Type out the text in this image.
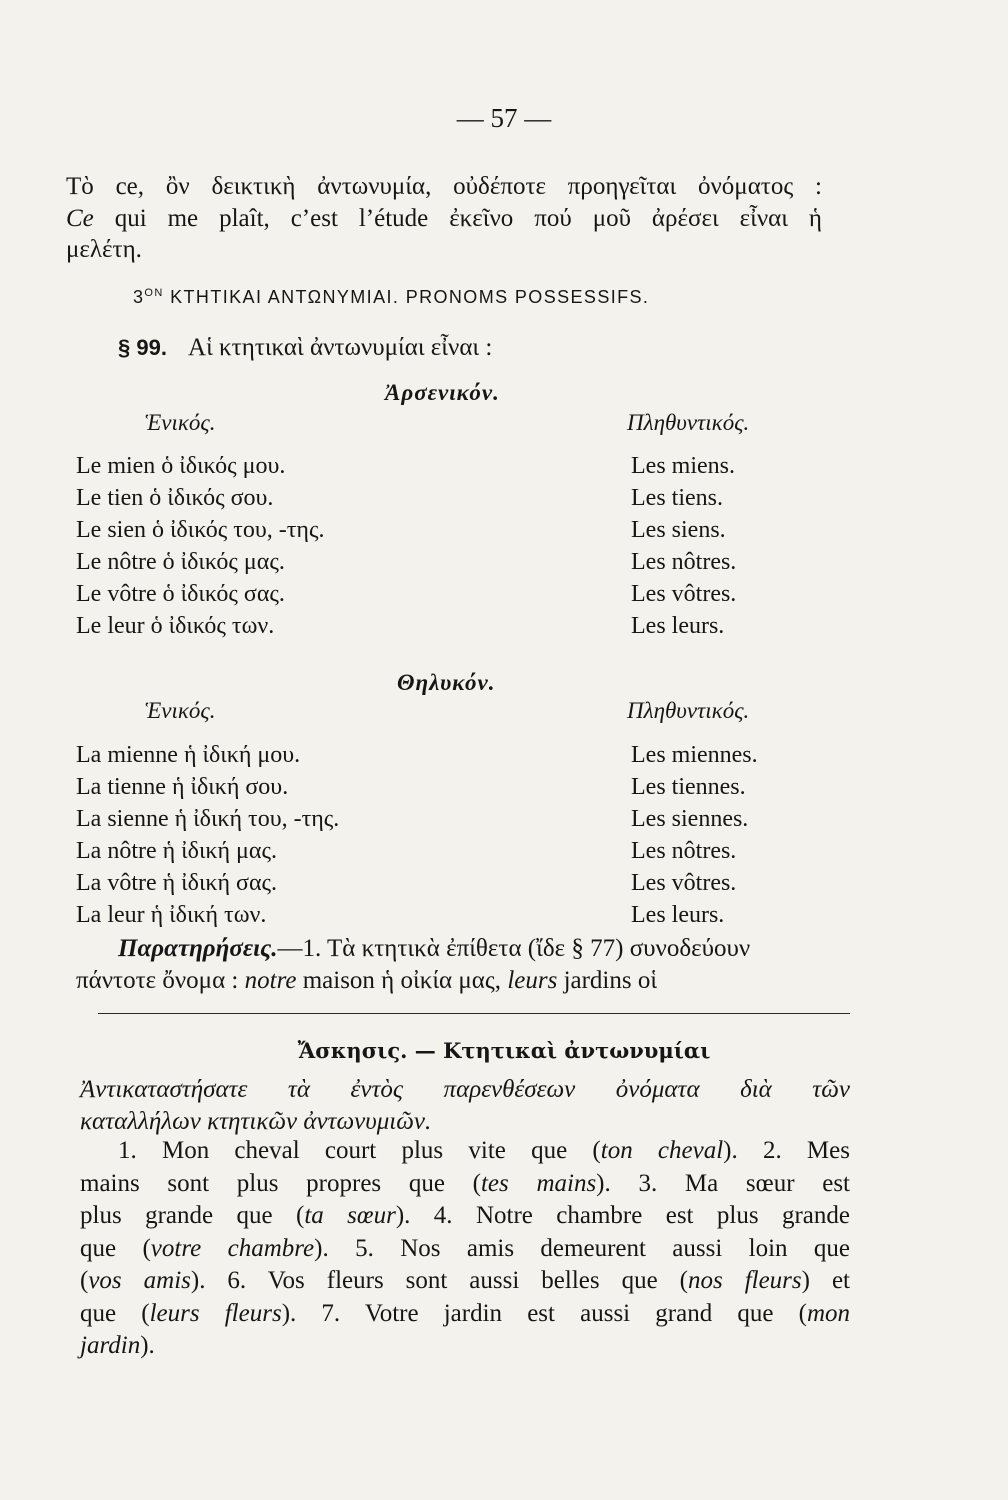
— 57 —
Τὸ ce, ὂν δεικτικὴ ἀντωνυμία, οὐδέποτε προηγεῖται ὀνόματος :
Ce qui me plaît, c’est l’étude ἐκεῖνο πού μοῦ ἀρέσει εἶναι ἡ
μελέτη.
$3^{ON}$ ΚΤΗΤΙΚΑΙ ΑΝΤΩΝΥΜΙΑΙ. PRONOMS POSSESSIFS.
§ 99. Αἱ κτητικαὶ ἀντωνυμίαι εἶναι :
Ἀρσενικόν.
Ἑνικός.	Πληθυντικός.
Le mien ὁ ἰδικός μου.	Les miens.
Le tien ὁ ἰδικός σου.	Les tiens.
Le sien ὁ ἰδικός του, -της.	Les siens.
Le nôtre ὁ ἰδικός μας.	Les nôtres.
Le vôtre ὁ ἰδικός σας.	Les vôtres.
Le leur ὁ ἰδικός των.	Les leurs.
Θηλυκόν.
Ἑνικός.	Πληθυντικός.
La mienne ἡ ἰδική μου.	Les miennes.
La tienne ἡ ἰδική σου.	Les tiennes.
La sienne ἡ ἰδική του, -της.	Les siennes.
La nôtre ἡ ἰδική μας.	Les nôtres.
La vôtre ἡ ἰδική σας.	Les vôtres.
La leur ἡ ἰδική των.	Les leurs.
Παρατηρήσεις.—1. Τὰ κτητικὰ ἐπίθετα (ἴδε § 77) συνοδεύουν
πάντοτε ὄνομα : notre maison ἡ οἰκία μας, leurs jardins οἱ
Ἄσκησις. — Κτητικαὶ ἀντωνυμίαι
Ἀντικαταστήσατε τὰ ἐντὸς παρενθέσεων ὀνόματα διὰ τῶν
καταλλήλων κτητικῶν ἀντωνυμιῶν.
1. Mon cheval court plus vite que (ton cheval). 2. Mes
mains sont plus propres que (tes mains). 3. Ma sœur est
plus grande que (ta sœur). 4. Notre chambre est plus grande
que (votre chambre). 5. Nos amis demeurent aussi loin que
(vos amis). 6. Vos fleurs sont aussi belles que (nos fleurs) et
que (leurs fleurs). 7. Votre jardin est aussi grand que (mon
jardin).
